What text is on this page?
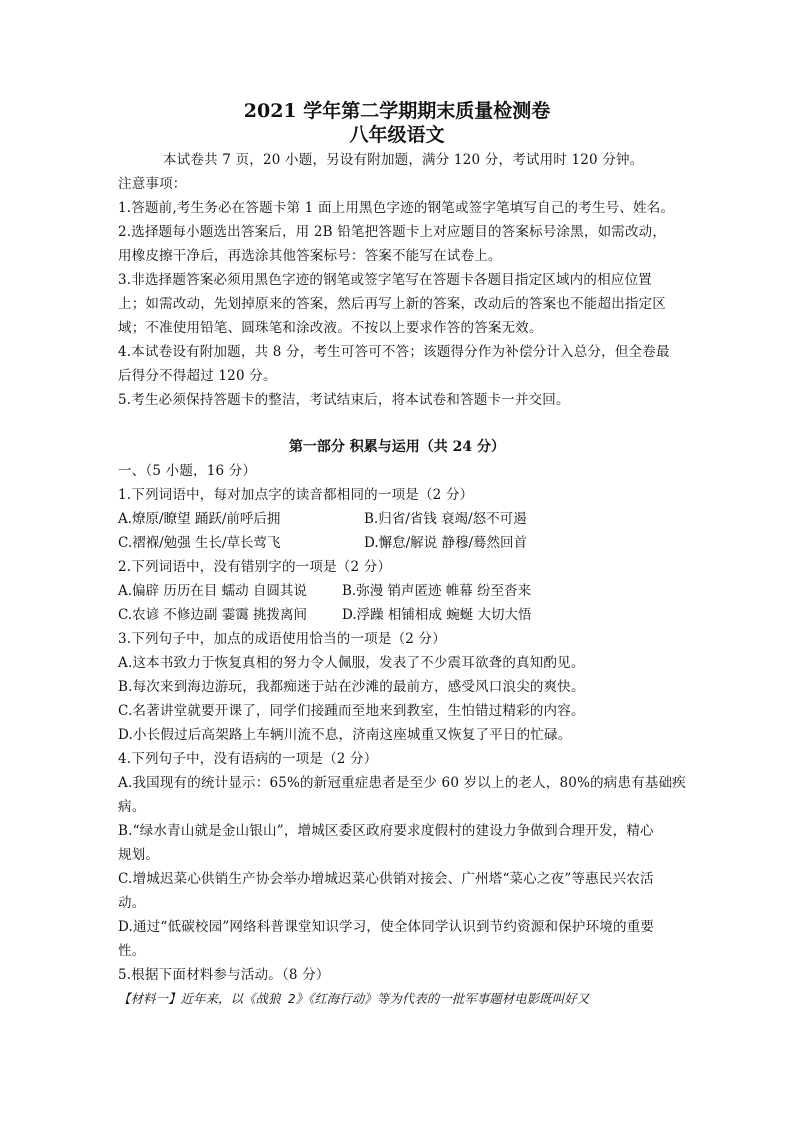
2021 学年第二学期期末质量检测卷
八年级语文
本试卷共 7 页，20 小题，另设有附加题，满分 120 分，考试用时 120 分钟。
注意事项：
1.答题前,考生务必在答题卡第 1 面上用黑色字迹的钢笔或签字笔填写自己的考生号、姓名。
2.选择题每小题选出答案后，用 2B 铅笔把答题卡上对应题目的答案标号涂黑，如需改动，
用橡皮擦干净后，再选涂其他答案标号：答案不能写在试卷上。
3.非选择题答案必须用黑色字迹的钢笔或签字笔写在答题卡各题目指定区域内的相应位置
上；如需改动，先划掉原来的答案，然后再写上新的答案，改动后的答案也不能超出指定区
域；不准使用铅笔、圆珠笔和涂改液。不按以上要求作答的答案无效。
4.本试卷设有附加题，共 8 分，考生可答可不答；该题得分作为补偿分计入总分，但全卷最
后得分不得超过 120 分。
5.考生必须保持答题卡的整洁，考试结束后，将本试卷和答题卡一并交回。
第一部分 积累与运用（共 24 分）
一、（5 小题，16 分）
1.下列词语中，每对加点字的读音都相同的一项是（2 分）
A.燎原/瞭望 踊跃/前呼后拥	B.归省/省钱 衰竭/怒不可遏
C.褶褓/勉强 生长/草长莺飞	D.懈怠/解说 静穆/蓦然回首
2.下列词语中，没有错别字的一项是（2 分）
A.偏辟 历历在目 蠕动 自圆其说	B.弥漫 销声匿迹 帷幕 纷至沓来
C.农谚 不修边副 霎霭 挑拨离间	D.浮躁 相铺相成 蜿蜒 大切大悟
3.下列句子中，加点的成语使用恰当的一项是（2 分）
A.这本书致力于恢复真相的努力令人佩服，发表了不少震耳欲聋的真知酌见。
B.每次来到海边游玩，我都痴迷于站在沙滩的最前方，感受风口浪尖的爽快。
C.名著讲堂就要开课了，同学们接踵而至地来到教室，生怕错过精彩的内容。
D.小长假过后高架路上车辆川流不息，济南这座城重又恢复了平日的忙碌。
4.下列句子中，没有语病的一项是（2 分）
A.我国现有的统计显示：65%的新冠重症患者是至少 60 岁以上的老人，80%的病患有基础疾
病。
B.“绿水青山就是金山银山”，增城区委区政府要求度假村的建设力争做到合理开发，精心
规划。
C.增城迟菜心供销生产协会举办增城迟菜心供销对接会、广州塔“菜心之夜”等惠民兴农活
动。
D.通过“低碳校园”网络科普课堂知识学习，使全体同学认识到节约资源和保护环境的重要
性。
5.根据下面材料参与活动。（8 分）
【材料一】近年来，以《战狼 2》《红海行动》等为代表的一批军事题材电影既叫好又
